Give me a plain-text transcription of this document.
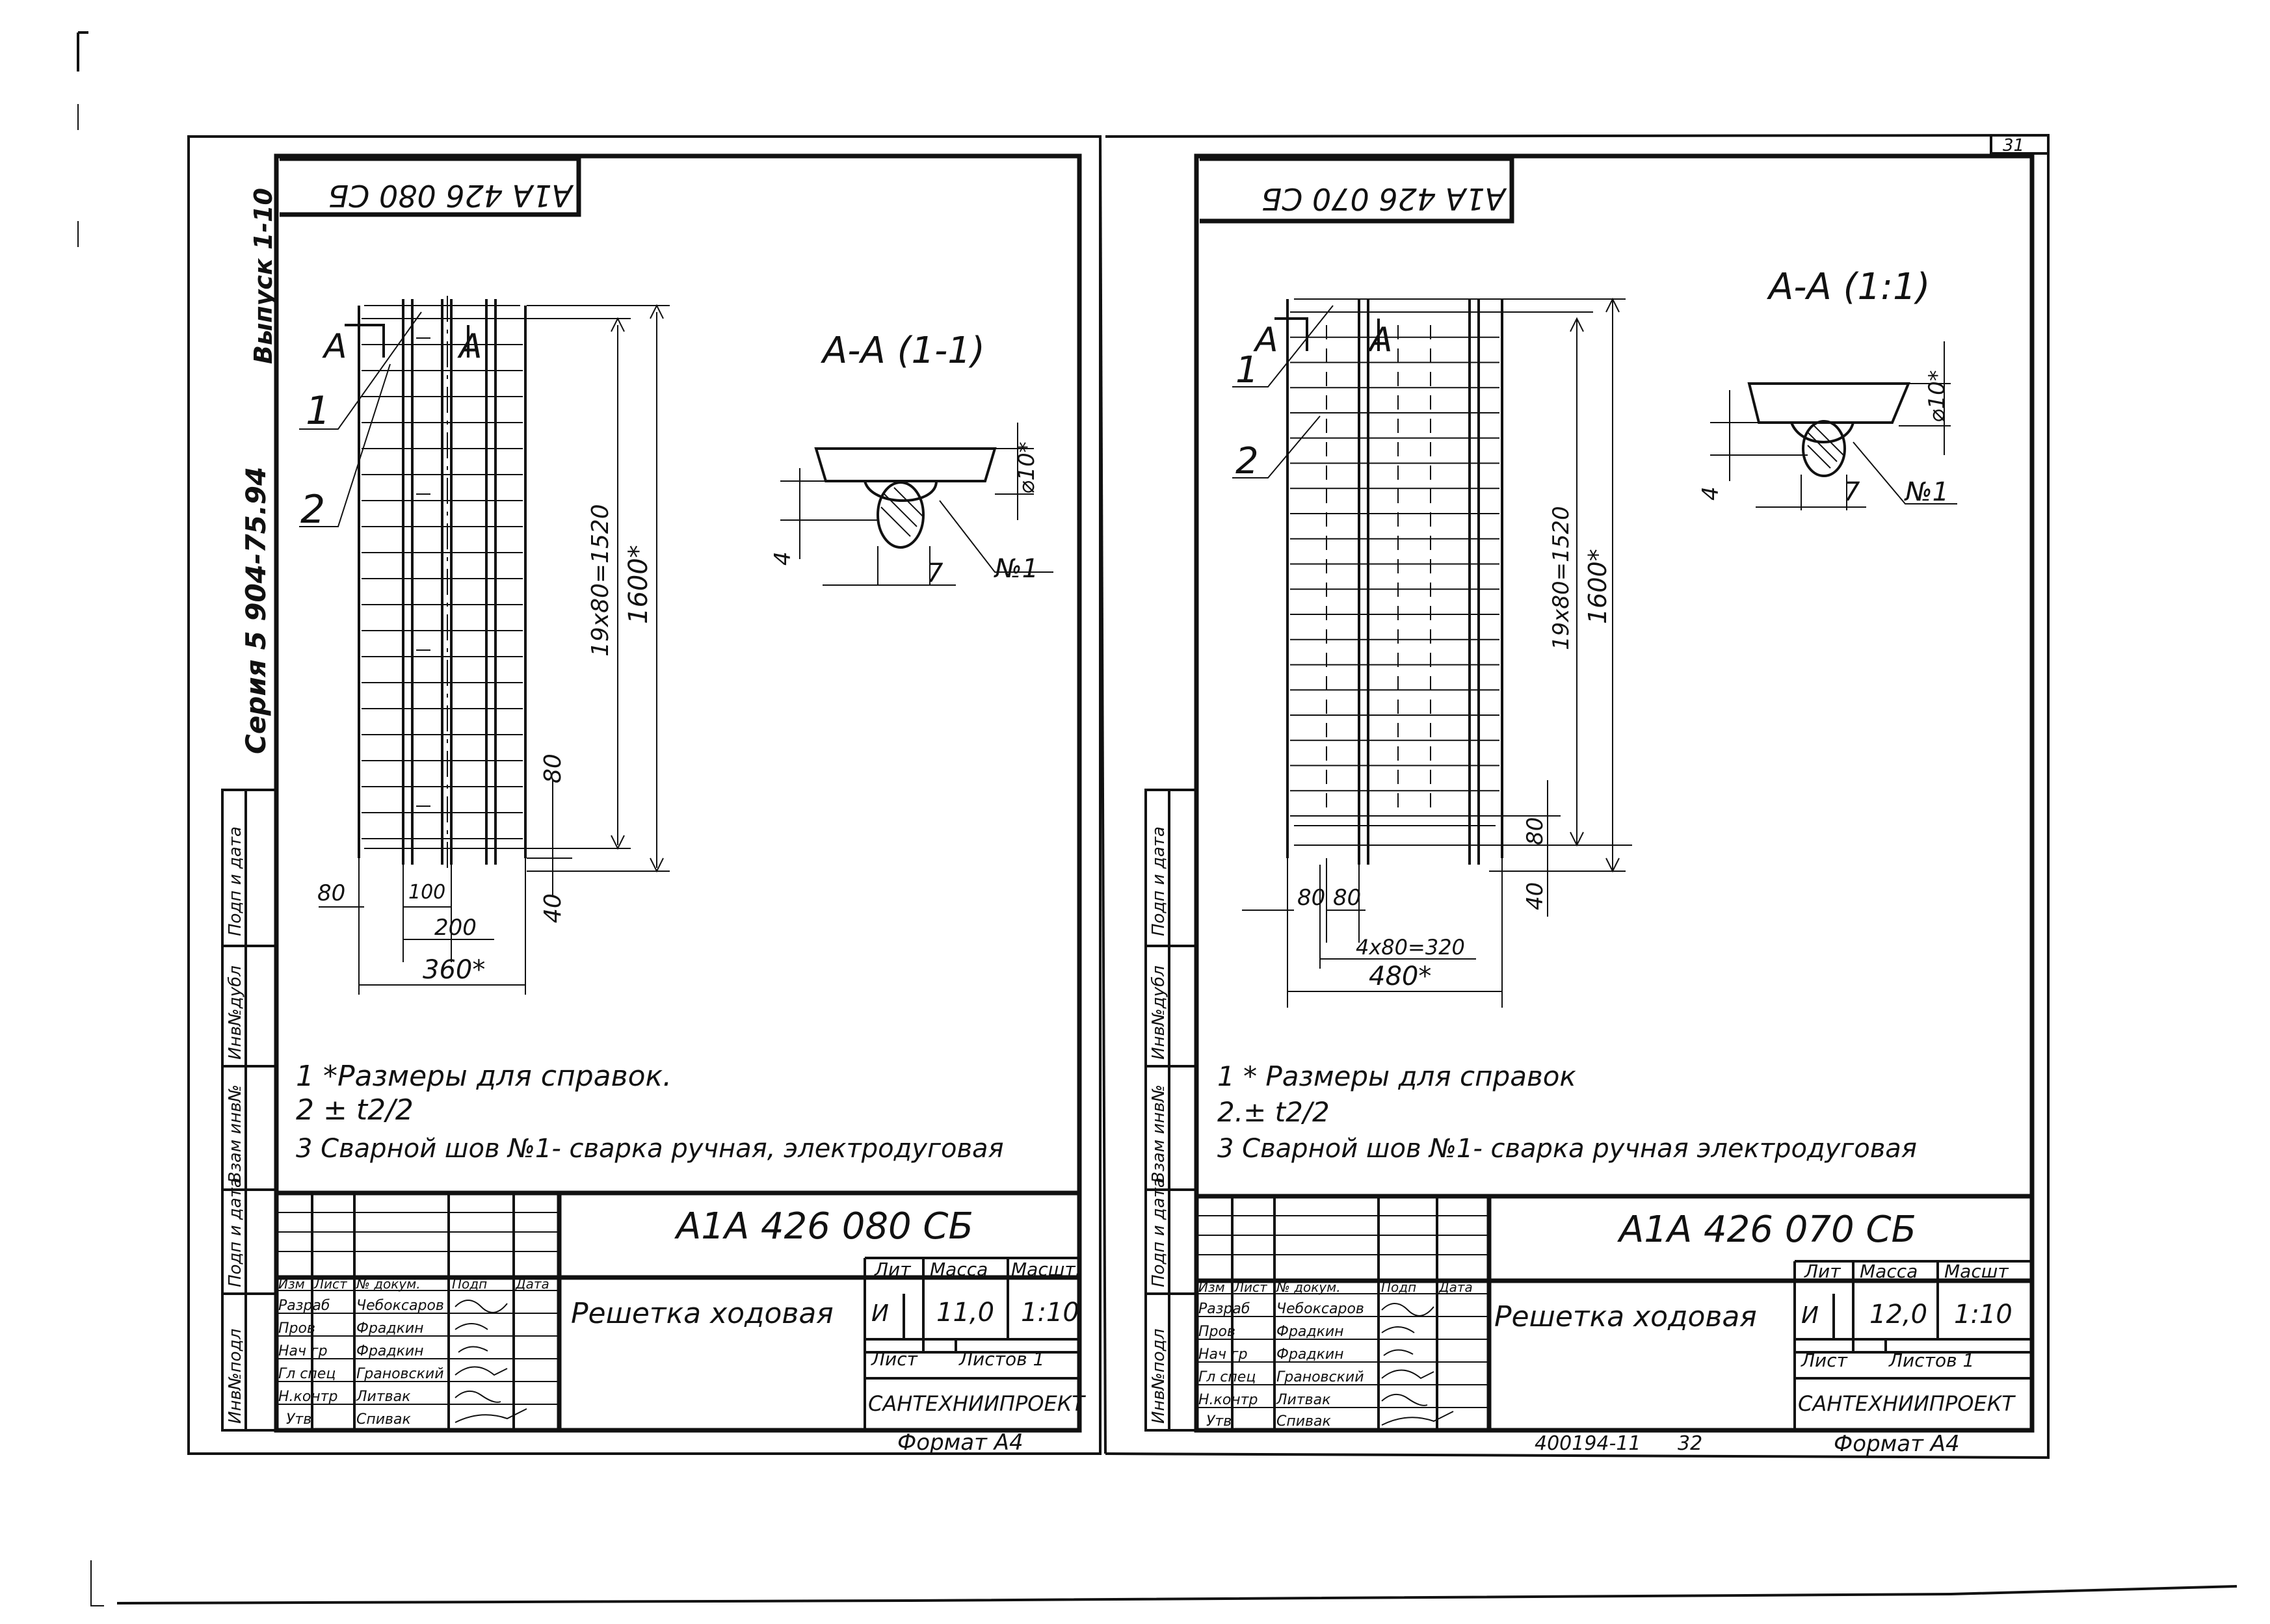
31
Выпуск 1-10
Серия 5 904-75.94
Подп и дата
Инв№дубл
Взам инв№
Подп и дата
Инв№подл
Подп и дата
Инв№дубл
Взам инв№
Подп и дата
Инв№подл
А1А 426 080 СБ
А	А
1
2	19х80=1520 1600*
80
40
80	100
200
360*
А-А (1-1)
⌀10*
4	7 №1
1 *Размеры для справок.
2 ± t2/2
3 Сварной шов №1- сварка ручная, электродуговая
А1А 426 080 СБ
Решетка ходовая
Лит Масса Масшт.
И 11,0 1:10
Лист Листов 1
САНТЕХНИИПРОЕКТ
Формат А4
Изм Лист № докум. Подп Дата
Разраб Чебоксаров
Пров	Фрадкин
Нач гр Фрадкин
Гл спец Грановский
Н.контр Литвак
Утв	Спивак
А1А 426 070 СБ
А	А
1
2
19х80=1520 1600*
80
40
80 80
4х80=320
480*
А-А (1:1)
⌀10*
4	7 №1
1 * Размеры для справок
2.± t2/2
3 Сварной шов №1- сварка ручная электродуговая
А1А 426 070 СБ
Решетка ходовая
Лит Масса Масшт
И 12,0 1:10
Лист Листов 1
САНТЕХНИИПРОЕКТ
400194-11 32	Формат А4
Изм Лист № докум.	Подп Дата
Разраб Чебоксаров
Пров	Фрадкин
Нач гр Фрадкин
Гл спец Грановский
Н.контр Литвак
Утв	Спивак
